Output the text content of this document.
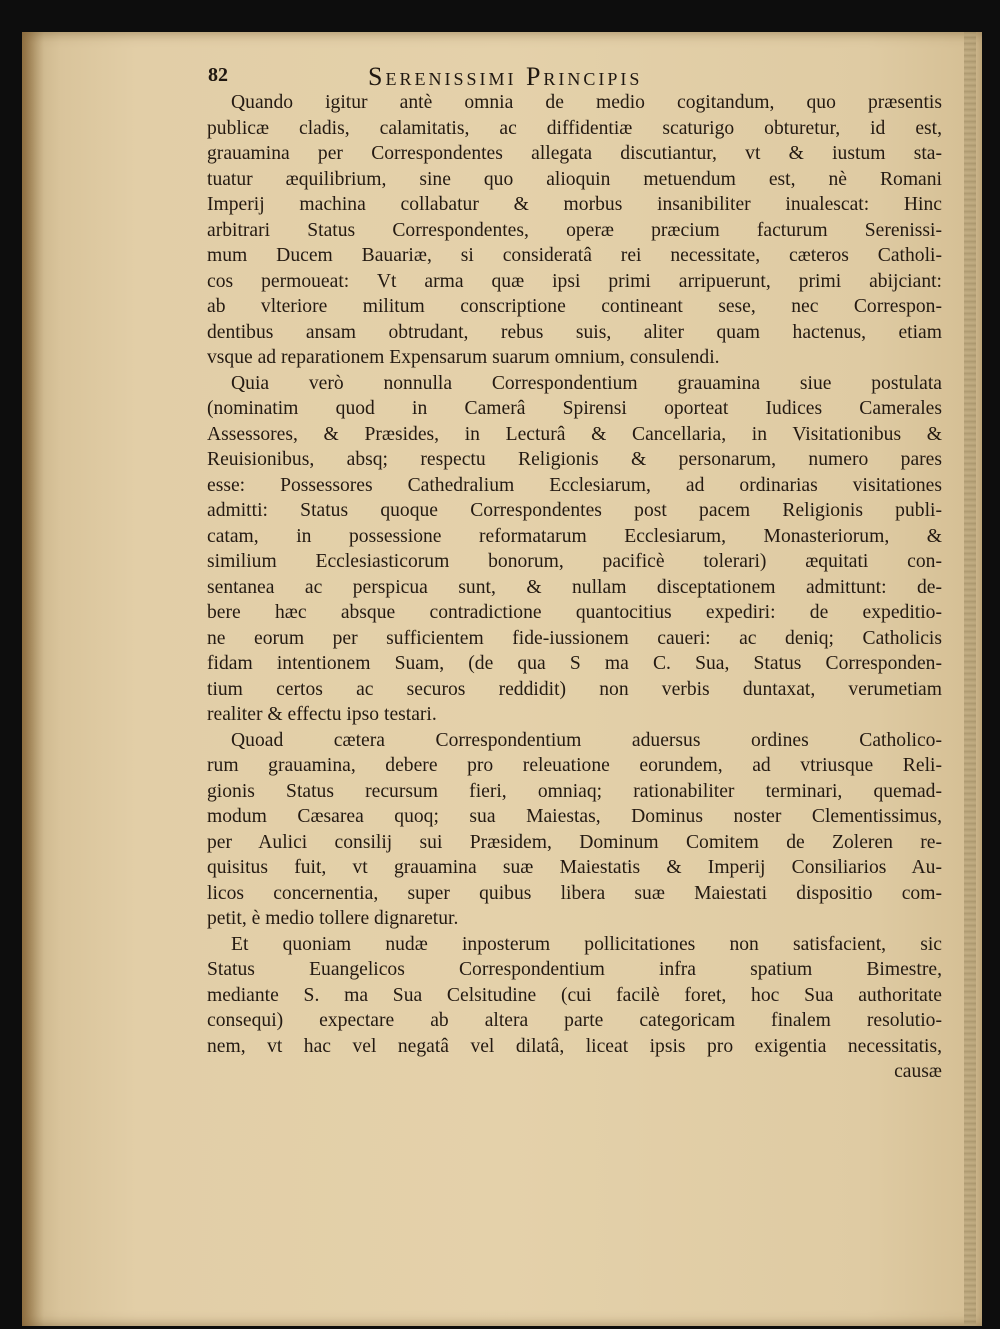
82	Serenissimi Principis

Quando igitur antè omnia de medio cogitandum, quo præsentis
publicæ cladis, calamitatis, ac diffidentiæ scaturigo obturetur, id est,
grauamina per Correspondentes allegata discutiantur, vt & iustum sta-
tuatur æquilibrium, sine quo alioquin metuendum est, nè Romani
Imperij machina collabatur & morbus insanibiliter inualescat: Hinc
arbitrari Status Correspondentes, operæ præcium facturum Serenissi-
mum Ducem Bauariæ, si consideratâ rei necessitate, cæteros Catholi-
cos permoueat: Vt arma quæ ipsi primi arripuerunt, primi abijciant:
ab vlteriore militum conscriptione contineant sese, nec Correspon-
dentibus ansam obtrudant, rebus suis, aliter quam hactenus, etiam
vsque ad reparationem Expensarum suarum omnium, consulendi.

Quia verò nonnulla Correspondentium grauamina siue postulata
(nominatim quod in Camerâ Spirensi oporteat Iudices Camerales
Assessores, & Præsides, in Lecturâ & Cancellaria, in Visitationibus &
Reuisionibus, absq; respectu Religionis & personarum, numero pares
esse: Possessores Cathedralium Ecclesiarum, ad ordinarias visitationes
admitti: Status quoque Correspondentes post pacem Religionis publi-
catam, in possessione reformatarum Ecclesiarum, Monasteriorum, &
similium Ecclesiasticorum bonorum, pacificè tolerari) æquitati con-
sentanea ac perspicua sunt, & nullam disceptationem admittunt: de-
bere hæc absque contradictione quantocitius expediri: de expeditio-
ne eorum per sufficientem fide-iussionem caueri: ac deniq; Catholicis
fidam intentionem Suam, (de qua S ma C. Sua, Status Corresponden-
tium certos ac securos reddidit) non verbis duntaxat, verumetiam
realiter & effectu ipso testari.

Quoad cætera Correspondentium aduersus ordines Catholico-
rum grauamina, debere pro releuatione eorundem, ad vtriusque Reli-
gionis Status recursum fieri, omniaq; rationabiliter terminari, quemad-
modum Cæsarea quoq; sua Maiestas, Dominus noster Clementissimus,
per Aulici consilij sui Præsidem, Dominum Comitem de Zoleren re-
quisitus fuit, vt grauamina suæ Maiestatis & Imperij Consiliarios Au-
licos concernentia, super quibus libera suæ Maiestati dispositio com-
petit, è medio tollere dignaretur.

Et quoniam nudæ inposterum pollicitationes non satisfacient, sic
Status Euangelicos Correspondentium infra spatium Bimestre,
mediante S. ma Sua Celsitudine (cui facilè foret, hoc Sua authoritate
consequi) expectare ab altera parte categoricam finalem resolutio-
nem, vt hac vel negatâ vel dilatâ, liceat ipsis pro exigentia necessitatis,

causæ
